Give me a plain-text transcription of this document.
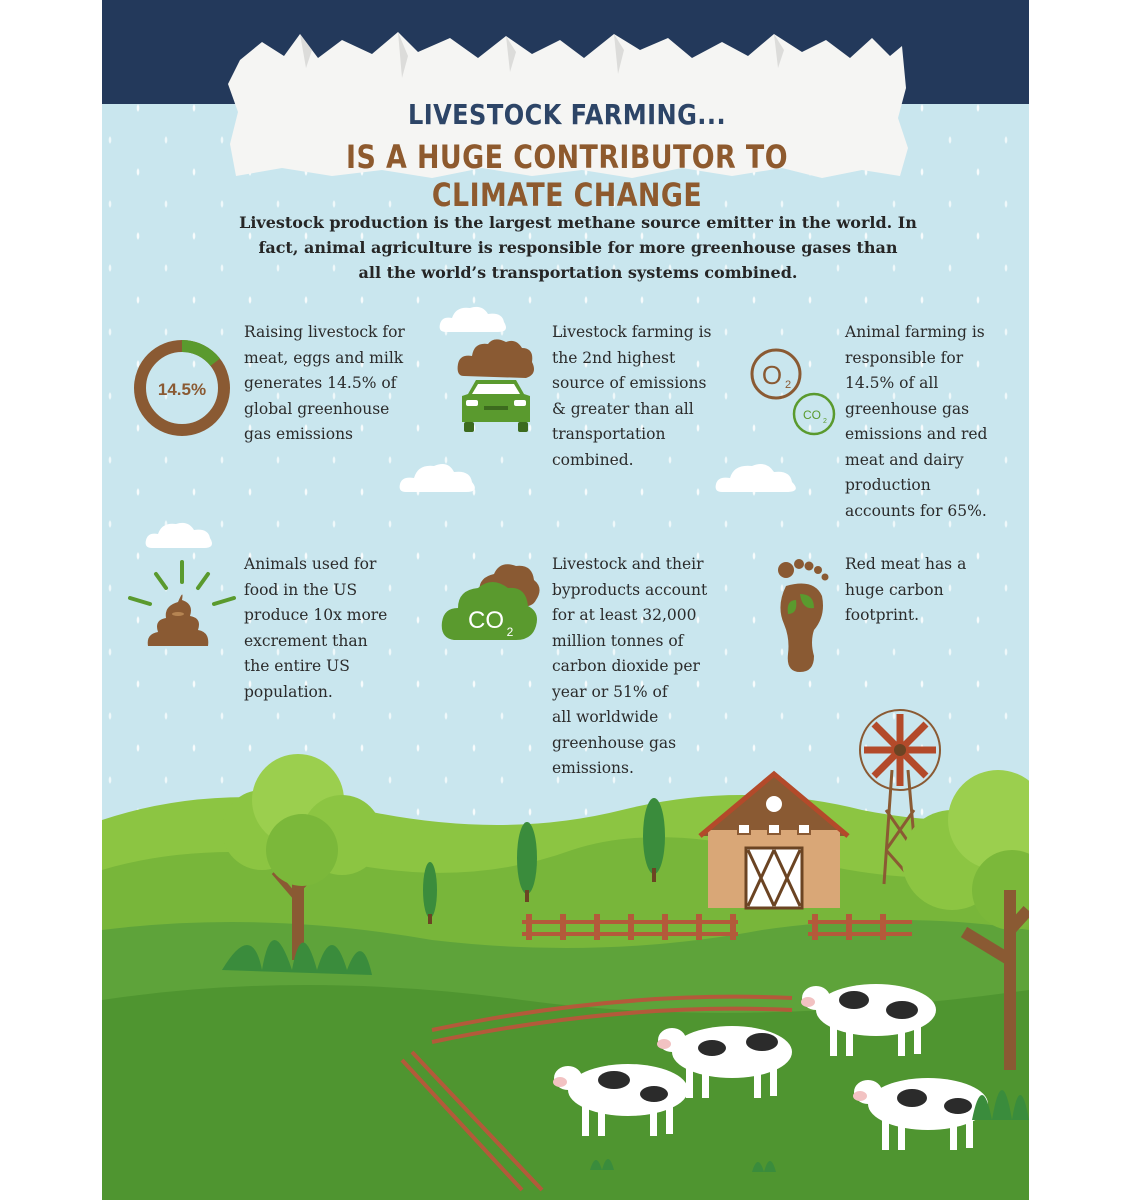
LIVESTOCK FARMING...
IS A HUGE CONTRIBUTOR TO CLIMATE CHANGE
Livestock production is the largest methane source emitter in the world. In
fact, animal agriculture is responsible for more greenhouse gases than
all the world’s transportation systems combined.
14.5%
Raising livestock for
meat, eggs and milk
generates 14.5% of
global greenhouse
gas emissions
Livestock farming is
the 2nd highest
source of emissions
& greater than all
transportation
combined.
O 2
CO 2
Animal farming is
responsible for
14.5% of all
greenhouse gas
emissions and red
meat and dairy
production
accounts for 65%.
Animals used for
food in the US
produce 10x more
excrement than
the entire US
population.
CO 2
Livestock and their
byproducts account
for at least 32,000
million tonnes of
carbon dioxide per
year or 51% of
all worldwide
greenhouse gas
emissions.
Red meat has a
huge carbon
footprint.
